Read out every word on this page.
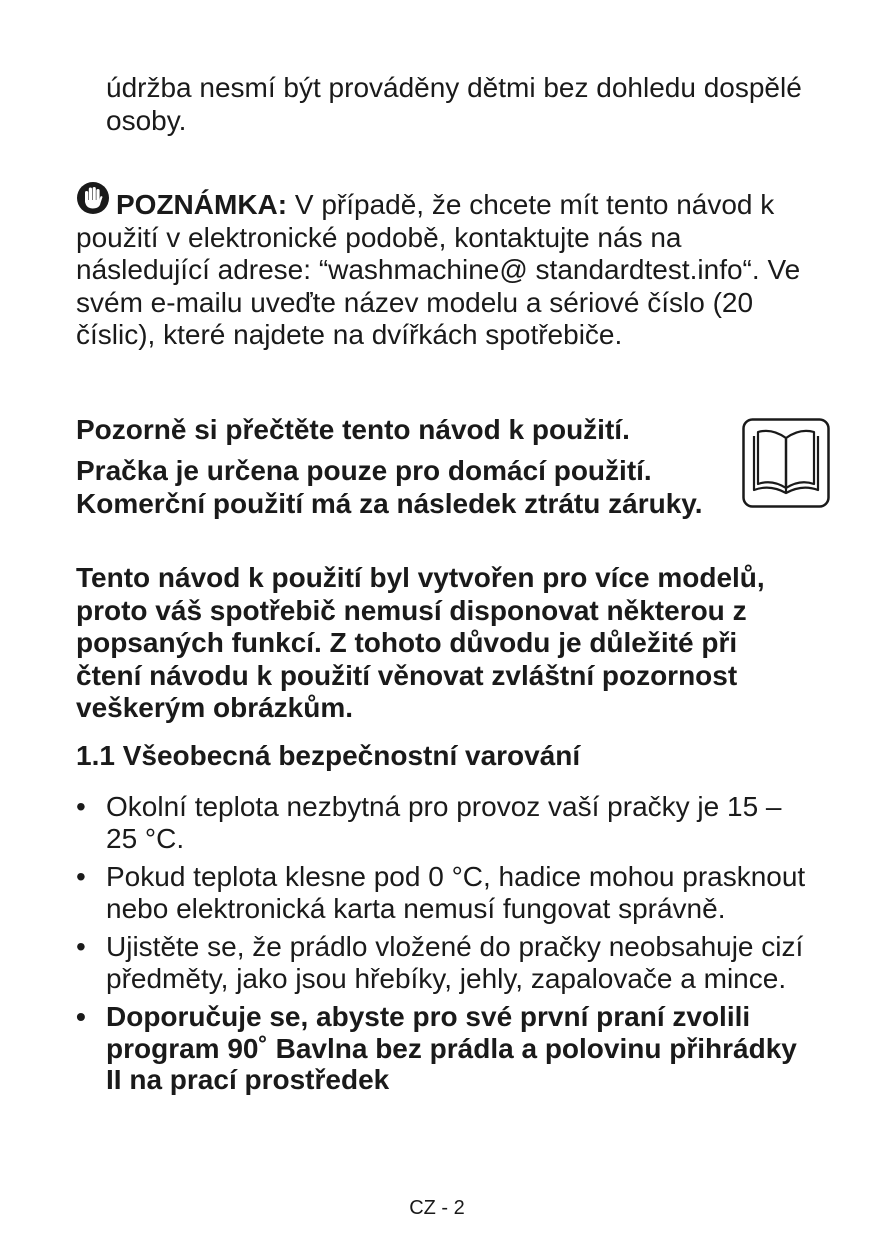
údržba nesmí být prováděny dětmi bez dohledu dospělé osoby.

POZNÁMKA: V případě, že chcete mít tento návod k použití v elektronické podobě, kontaktujte nás na následující adrese: “washmachine@ standardtest.info“. Ve svém e-mailu uveďte název modelu a sériové číslo (20 číslic), které najdete na dvířkách spotřebiče.

Pozorně si přečtěte tento návod k použití.

Pračka je určena pouze pro domácí použití. Komerční použití má za následek ztrátu záruky.

Tento návod k použití byl vytvořen pro více modelů, proto váš spotřebič nemusí disponovat některou z popsaných funkcí. Z tohoto důvodu je důležité při čtení návodu k použití věnovat zvláštní pozornost veškerým obrázkům.

1.1 Všeobecná bezpečnostní varování

• Okolní teplota nezbytná pro provoz vaší pračky je 15 – 25 °C.
• Pokud teplota klesne pod 0 °C, hadice mohou prasknout nebo elektronická karta nemusí fungovat správně.
• Ujistěte se, že prádlo vložené do pračky neobsahuje cizí předměty, jako jsou hřebíky, jehly, zapalovače a mince.
• Doporučuje se, abyste pro své první praní zvolili program 90˚ Bavlna bez prádla a polovinu přihrádky II na prací prostředek
CZ - 2
